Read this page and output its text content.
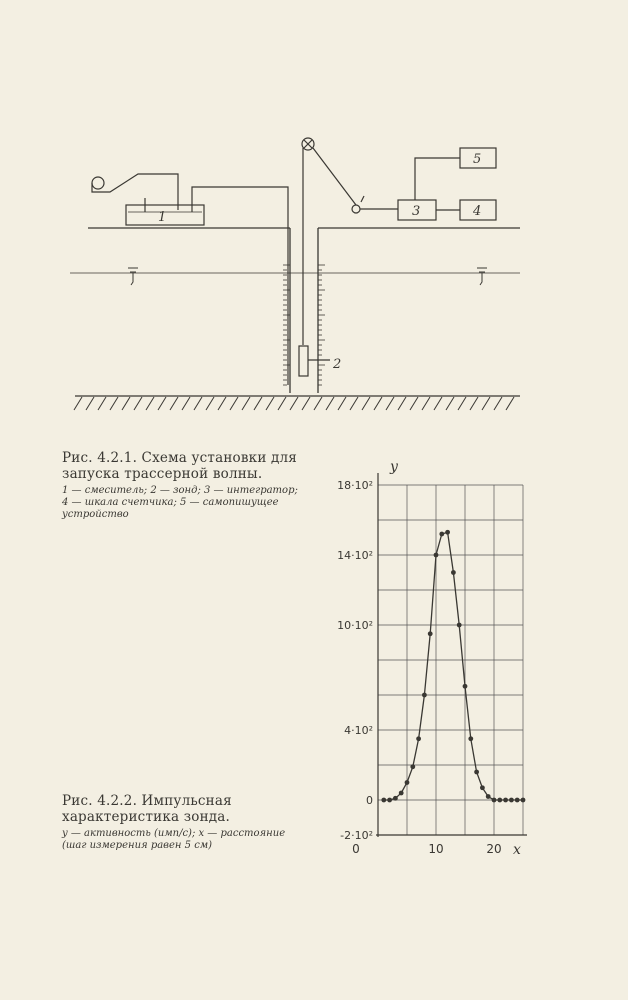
1
2
3	4
5
Рис. 4.2.1. Схема установки для запуска трассерной волны.
1 — смеситель; 2 — зонд; 3 — интегратор; 4 — шкала счетчика; 5 — самопишущее устройство
Рис. 4.2.2. Импульсная характеристика зонда.
y — активность (имп/с); x — расстояние (шаг измерения равен 5 см)
18·10²
14·10²
10·10²
4·10²
0
-2·10²
0	10	20
y
x
